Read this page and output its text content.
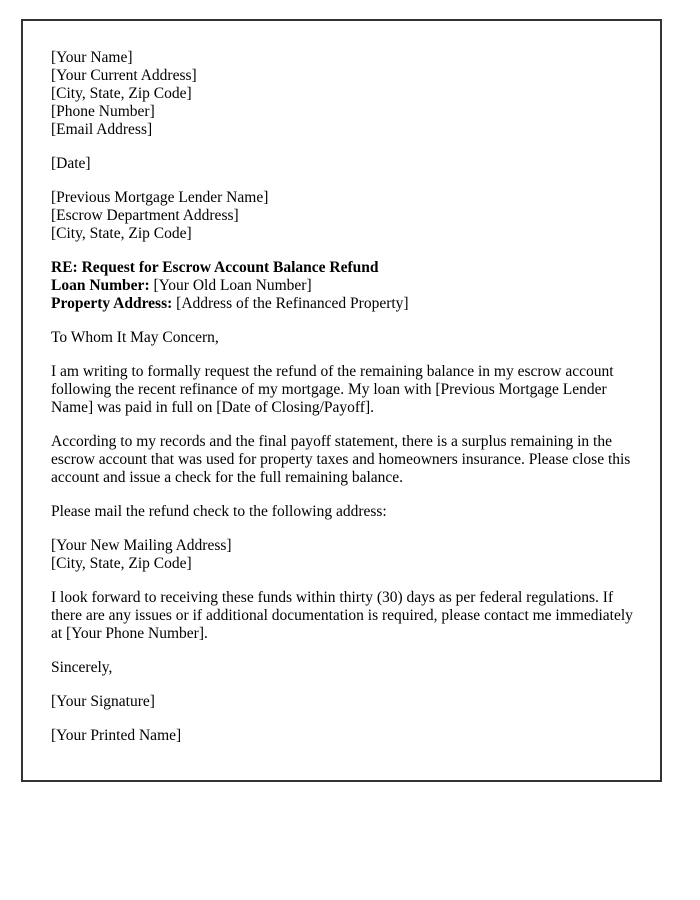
[Your Name]
[Your Current Address]
[City, State, Zip Code]
[Phone Number]
[Email Address]
[Date]
[Previous Mortgage Lender Name]
[Escrow Department Address]
[City, State, Zip Code]
RE: Request for Escrow Account Balance Refund
Loan Number: [Your Old Loan Number]
Property Address: [Address of the Refinanced Property]
To Whom It May Concern,
I am writing to formally request the refund of the remaining balance in my escrow account following the recent refinance of my mortgage. My loan with [Previous Mortgage Lender Name] was paid in full on [Date of Closing/Payoff].
According to my records and the final payoff statement, there is a surplus remaining in the escrow account that was used for property taxes and homeowners insurance. Please close this account and issue a check for the full remaining balance.
Please mail the refund check to the following address:
[Your New Mailing Address]
[City, State, Zip Code]
I look forward to receiving these funds within thirty (30) days as per federal regulations. If there are any issues or if additional documentation is required, please contact me immediately at [Your Phone Number].
Sincerely,
[Your Signature]
[Your Printed Name]
